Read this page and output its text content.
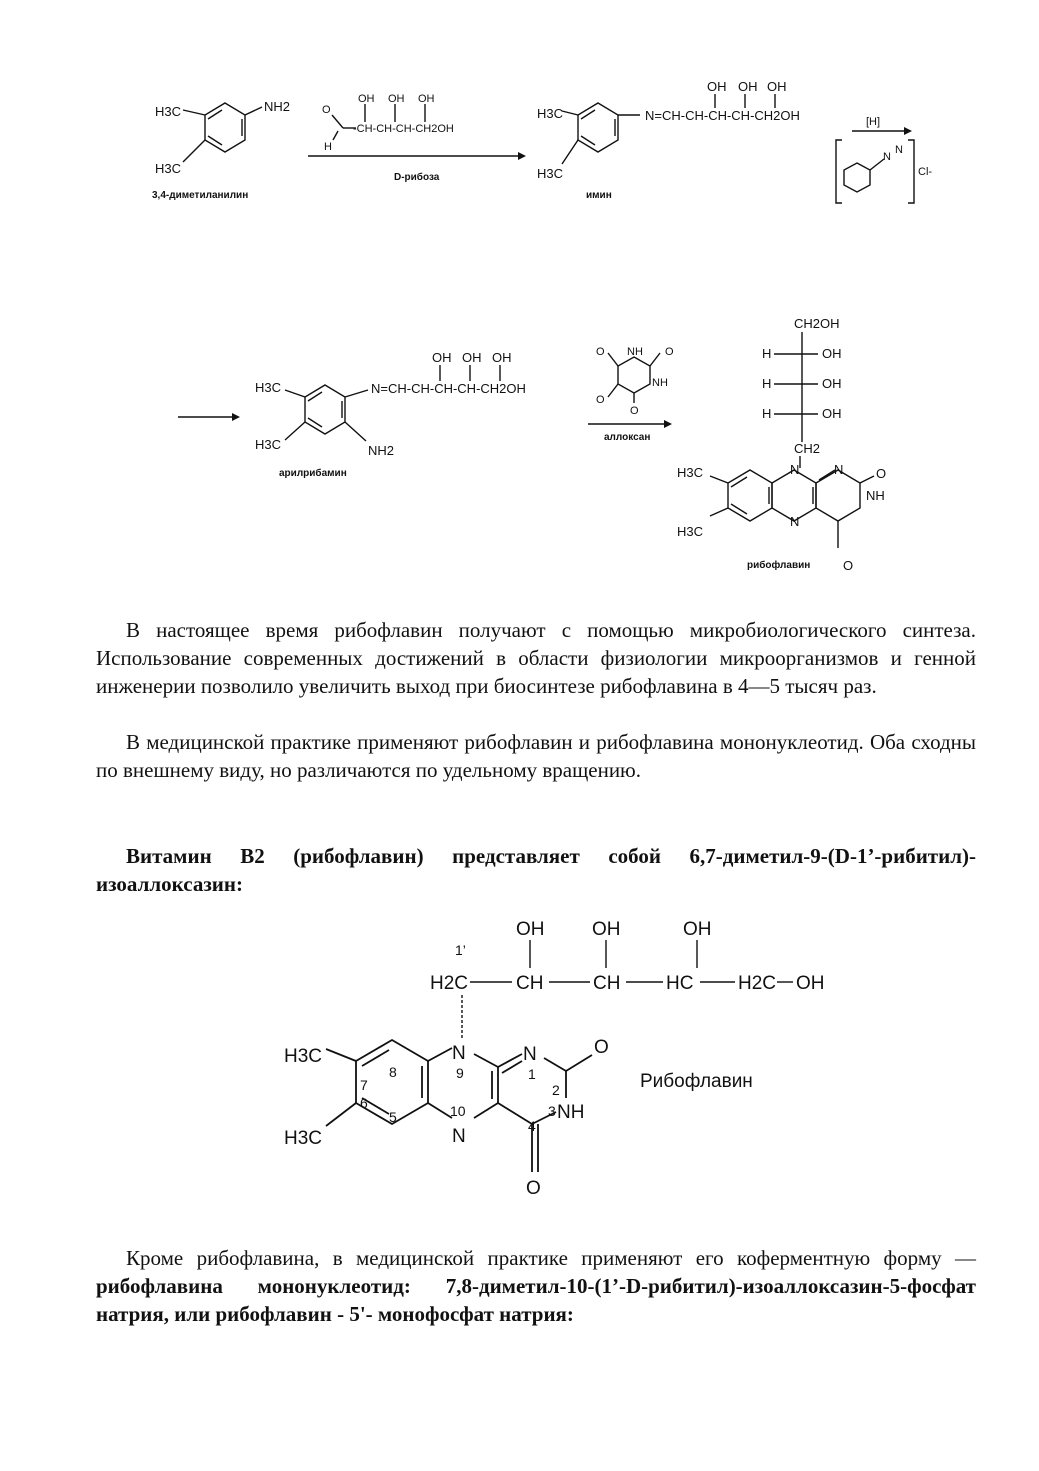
H3C
H3C
NH2
3,4-диметиланилин
OH OH OH
O
-CH-CH-CH-CH2OH
H
D-рибоза
H3C
H3C
N=CH-CH-CH-CH-CH2OH
OH OH OH
имин
[H]
N
N
Cl-
H3C
H3C
N=CH-CH-CH-CH-CH2OH
OH OH OH
NH2
арилрибамин
O	O
O
O
NH
NH
аллоксан
CH2OH
H
H
H
OH
OH
OH
CH2
N	N	O
NH
N
O
H3C
H3C
рибофлавин

В настоящее время рибофлавин получают с помощью микробиологического синтеза. Использование современных достижений в области физиологии микроорганизмов и генной инженерии позволило увеличить выход при биосинтезе рибофлавина в 4—5 тысяч раз.

В медицинской практике применяют рибофлавин и рибофлавина мононуклеотид. Оба сходны по внешнему виду, но различаются по удельному вращению.

Витамин B2 (рибофлавин) представляет собой 6,7-диметил-9-(D-1’-рибитил)-изоаллоксазин:

OH	OH	OH
1’
H2C	CH	CH HC H2C OH
H3C
H3C
N	N	O
NH
N
O
7
8
6
5
9
10
1
2
3
4
Рибофлавин

Кроме рибофлавина, в медицинской практике применяют его коферментную форму — рибофлавина мононуклеотид: 7,8-диметил-10-(1’-D-рибитил)-изоаллоксазин-5-фосфат натрия, или рибофлавин - 5'- монофосфат натрия:
